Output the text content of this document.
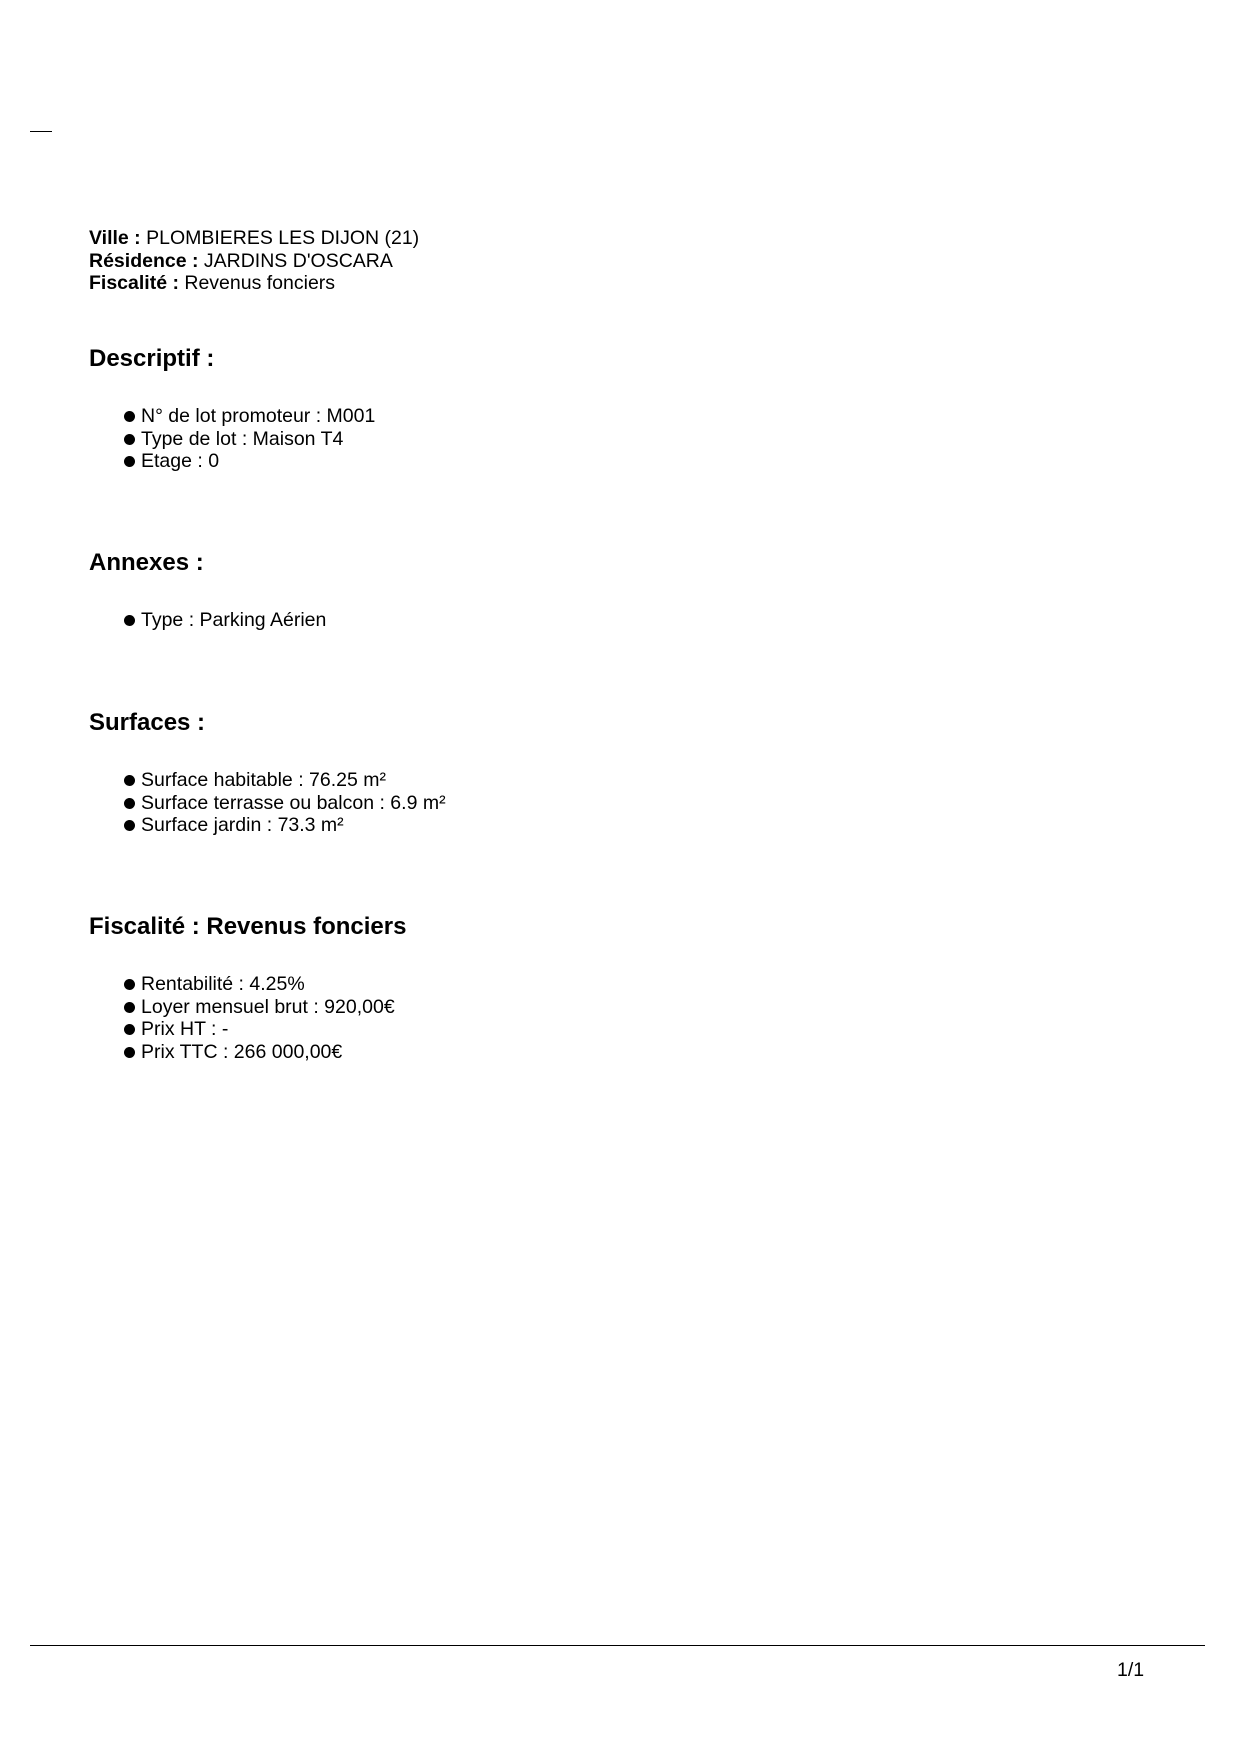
Ville : PLOMBIERES LES DIJON (21)
Résidence : JARDINS D'OSCARA
Fiscalité : Revenus fonciers
Descriptif :
N° de lot promoteur : M001
Type de lot : Maison T4
Etage : 0
Annexes :
Type : Parking Aérien
Surfaces :
Surface habitable : 76.25 m²
Surface terrasse ou balcon : 6.9 m²
Surface jardin : 73.3 m²
Fiscalité : Revenus fonciers
Rentabilité : 4.25%
Loyer mensuel brut : 920,00€
Prix HT : -
Prix TTC : 266 000,00€
1/1
